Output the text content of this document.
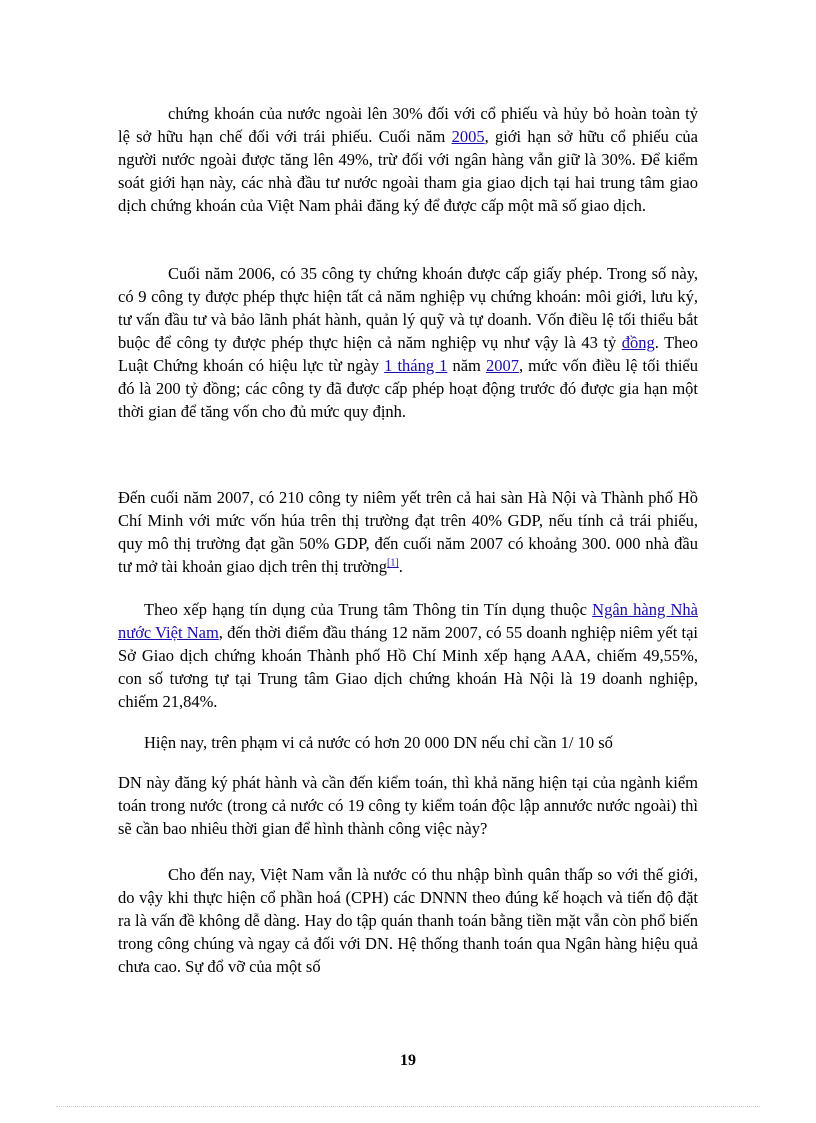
chứng khoán của nước ngoài lên 30% đối với cổ phiếu và hủy bỏ hoàn toàn tỷ lệ sở hữu hạn chế đối với trái phiếu. Cuối năm 2005, giới hạn sở hữu cổ phiếu của người nước ngoài được tăng lên 49%, trừ đối với ngân hàng vẫn giữ là 30%. Để kiểm soát giới hạn này, các nhà đầu tư nước ngoài tham gia giao dịch tại hai trung tâm giao dịch chứng khoán của Việt Nam phải đăng ký để được cấp một mã số giao dịch.

Cuối năm 2006, có 35 công ty chứng khoán được cấp giấy phép. Trong số này, có 9 công ty được phép thực hiện tất cả năm nghiệp vụ chứng khoán: môi giới, lưu ký, tư vấn đầu tư và bảo lãnh phát hành, quản lý quỹ và tự doanh. Vốn điều lệ tối thiểu bắt buộc để công ty được phép thực hiện cả năm nghiệp vụ như vậy là 43 tỷ đồng. Theo Luật Chứng khoán có hiệu lực từ ngày 1 tháng 1 năm 2007, mức vốn điều lệ tối thiểu đó là 200 tỷ đồng; các công ty đã được cấp phép hoạt động trước đó được gia hạn một thời gian để tăng vốn cho đủ mức quy định.

Đến cuối năm 2007, có 210 công ty niêm yết trên cả hai sàn Hà Nội và Thành phố Hồ Chí Minh với mức vốn húa trên thị trường đạt trên 40% GDP, nếu tính cả trái phiếu, quy mô thị trường đạt gần 50% GDP, đến cuối năm 2007 có khoảng 300. 000 nhà đầu tư mở tài khoản giao dịch trên thị trường[1].

Theo xếp hạng tín dụng của Trung tâm Thông tin Tín dụng thuộc Ngân hàng Nhà nước Việt Nam, đến thời điểm đầu tháng 12 năm 2007, có 55 doanh nghiệp niêm yết tại Sở Giao dịch chứng khoán Thành phố Hồ Chí Minh xếp hạng AAA, chiếm 49,55%, con số tương tự tại Trung tâm Giao dịch chứng khoán Hà Nội là 19 doanh nghiệp, chiếm 21,84%.

Hiện nay, trên phạm vi cả nước có hơn 20 000 DN nếu chỉ cần 1/ 10 số

DN này đăng ký phát hành và cần đến kiểm toán, thì khả năng hiện tại của ngành kiểm toán trong nước (trong cả nước có 19 công ty kiểm toán độc lập annước nước ngoài) thì sẽ cần bao nhiêu thời gian để hình thành công việc này?

Cho đến nay, Việt Nam vẫn là nước có thu nhập bình quân thấp so với thế giới, do vậy khi thực hiện cổ phần hoá (CPH) các DNNN theo đúng kế hoạch và tiến độ đặt ra là vấn đề không dễ dàng. Hay do tập quán thanh toán bằng tiền mặt vẫn còn phổ biến trong công chúng và ngay cả đối với DN. Hệ thống thanh toán qua Ngân hàng hiệu quả chưa cao. Sự đổ vỡ của một số

19
